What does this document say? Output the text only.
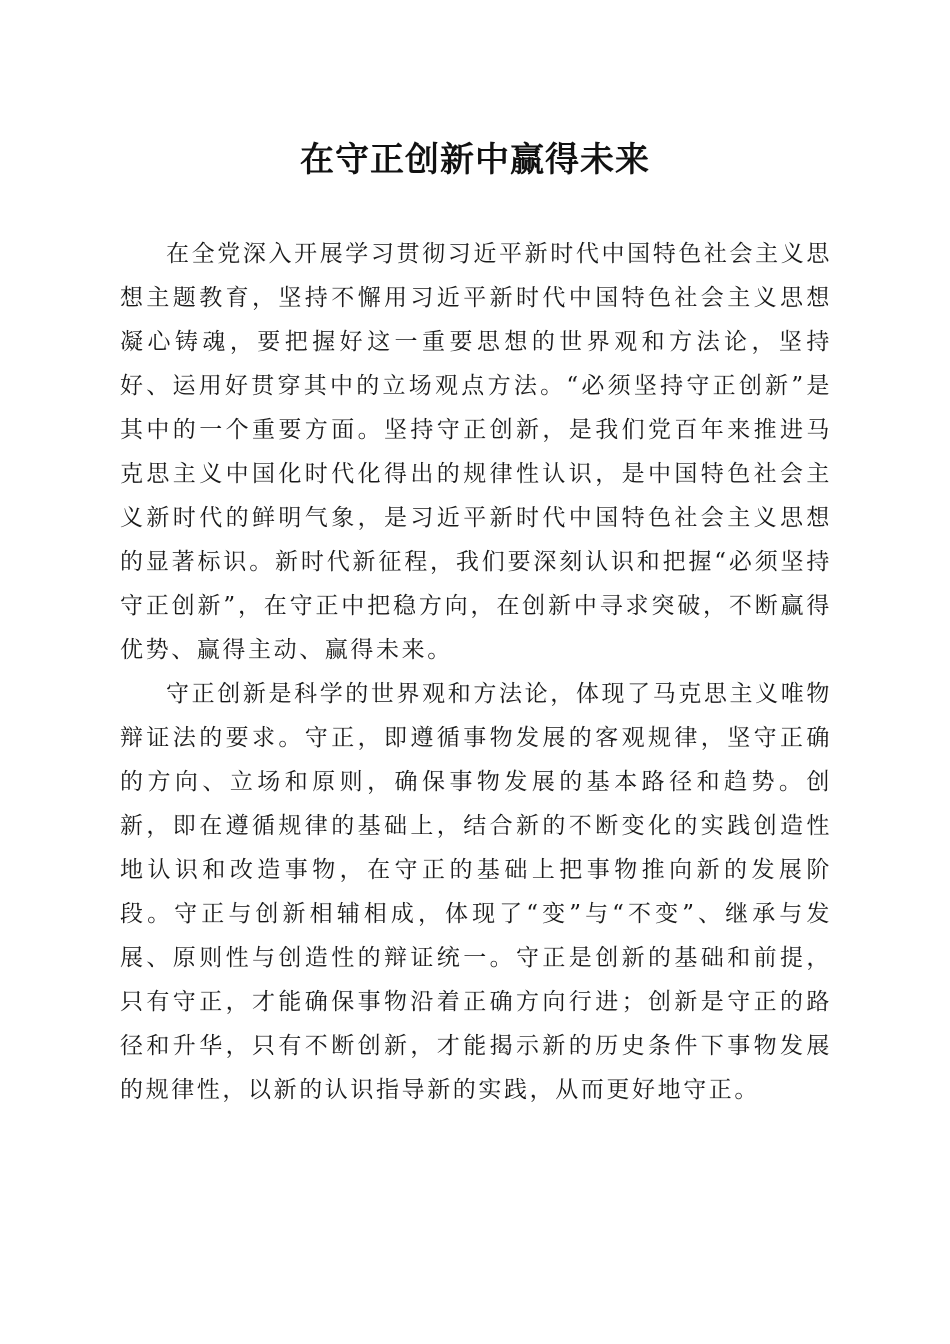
在守正创新中赢得未来

在全党深入开展学习贯彻习近平新时代中国特色社会主义思想主题教育，坚持不懈用习近平新时代中国特色社会主义思想凝心铸魂，要把握好这一重要思想的世界观和方法论，坚持好、运用好贯穿其中的立场观点方法。“必须坚持守正创新”是其中的一个重要方面。坚持守正创新，是我们党百年来推进马克思主义中国化时代化得出的规律性认识，是中国特色社会主义新时代的鲜明气象，是习近平新时代中国特色社会主义思想的显著标识。新时代新征程，我们要深刻认识和把握“必须坚持守正创新”，在守正中把稳方向，在创新中寻求突破，不断赢得优势、赢得主动、赢得未来。

守正创新是科学的世界观和方法论，体现了马克思主义唯物辩证法的要求。守正，即遵循事物发展的客观规律，坚守正确的方向、立场和原则，确保事物发展的基本路径和趋势。创新，即在遵循规律的基础上，结合新的不断变化的实践创造性地认识和改造事物，在守正的基础上把事物推向新的发展阶段。守正与创新相辅相成，体现了“变”与“不变”、继承与发展、原则性与创造性的辩证统一。守正是创新的基础和前提，只有守正，才能确保事物沿着正确方向行进；创新是守正的路径和升华，只有不断创新，才能揭示新的历史条件下事物发展的规律性，以新的认识指导新的实践，从而更好地守正。
